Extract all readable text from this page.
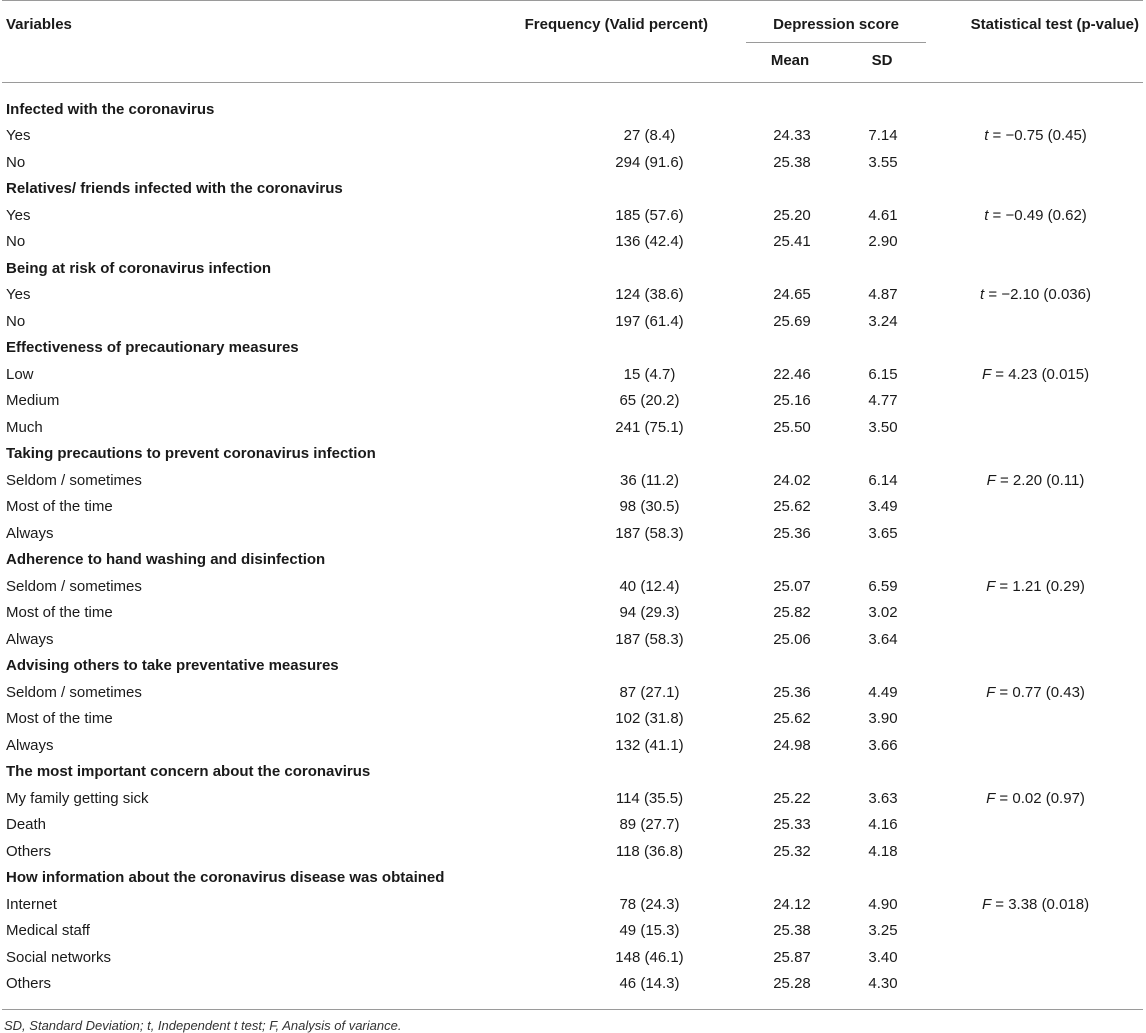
Variables	Frequency (Valid percent)	Depression score		Statistical test (p-value)
		Mean	SD	

Infected with the coronavirus				
Yes	27 (8.4)	24.33	7.14	t = −0.75 (0.45)
No	294 (91.6)	25.38	3.55	
Relatives/ friends infected with the coronavirus				
Yes	185 (57.6)	25.20	4.61	t = −0.49 (0.62)
No	136 (42.4)	25.41	2.90	
Being at risk of coronavirus infection				
Yes	124 (38.6)	24.65	4.87	t = −2.10 (0.036)
No	197 (61.4)	25.69	3.24	
Effectiveness of precautionary measures				
Low	15 (4.7)	22.46	6.15	F = 4.23 (0.015)
Medium	65 (20.2)	25.16	4.77	
Much	241 (75.1)	25.50	3.50	
Taking precautions to prevent coronavirus infection				
Seldom / sometimes	36 (11.2)	24.02	6.14	F = 2.20 (0.11)
Most of the time	98 (30.5)	25.62	3.49	
Always	187 (58.3)	25.36	3.65	
Adherence to hand washing and disinfection				
Seldom / sometimes	40 (12.4)	25.07	6.59	F = 1.21 (0.29)
Most of the time	94 (29.3)	25.82	3.02	
Always	187 (58.3)	25.06	3.64	
Advising others to take preventative measures				
Seldom / sometimes	87 (27.1)	25.36	4.49	F = 0.77 (0.43)
Most of the time	102 (31.8)	25.62	3.90	
Always	132 (41.1)	24.98	3.66	
The most important concern about the coronavirus				
My family getting sick	114 (35.5)	25.22	3.63	F = 0.02 (0.97)
Death	89 (27.7)	25.33	4.16	
Others	118 (36.8)	25.32	4.18	
How information about the coronavirus disease was obtained				
Internet	78 (24.3)	24.12	4.90	F = 3.38 (0.018)
Medical staff	49 (15.3)	25.38	3.25	
Social networks	148 (46.1)	25.87	3.40	
Others	46 (14.3)	25.28	4.30	

SD, Standard Deviation; t, Independent t test; F, Analysis of variance.
